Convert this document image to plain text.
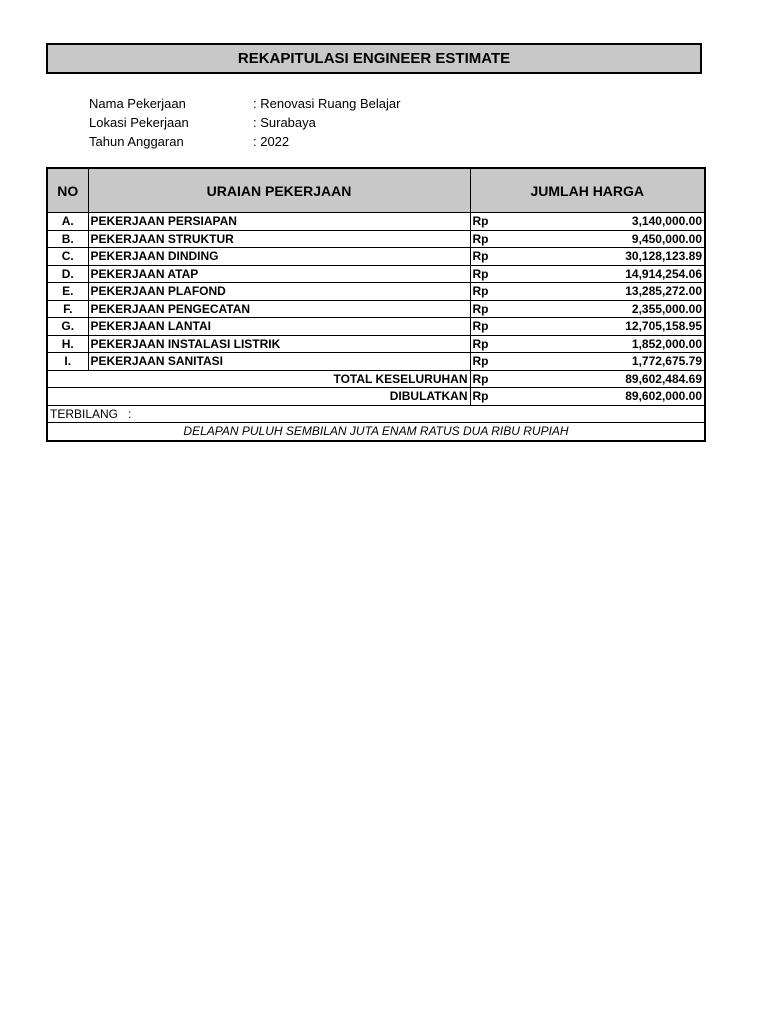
REKAPITULASI ENGINEER ESTIMATE
Nama Pekerjaan	: Renovasi Ruang Belajar
Lokasi Pekerjaan	: Surabaya
Tahun Anggaran	: 2022
NO	URAIAN PEKERJAAN	JUMLAH HARGA	
A.	PEKERJAAN PERSIAPAN	Rp	3,140,000.00
B.	PEKERJAAN STRUKTUR	Rp	9,450,000.00
C.	PEKERJAAN DINDING	Rp	30,128,123.89
D.	PEKERJAAN ATAP	Rp	14,914,254.06
E.	PEKERJAAN PLAFOND	Rp	13,285,272.00
F.	PEKERJAAN PENGECATAN	Rp	2,355,000.00
G.	PEKERJAAN LANTAI	Rp	12,705,158.95
H.	PEKERJAAN INSTALASI LISTRIK	Rp	1,852,000.00
I.	PEKERJAAN SANITASI	Rp	1,772,675.79
TOTAL KESELURUHAN		Rp	89,602,484.69
DIBULATKAN		Rp	89,602,000.00
TERBILANG   :			
DELAPAN PULUH SEMBILAN JUTA ENAM RATUS DUA RIBU RUPIAH			
